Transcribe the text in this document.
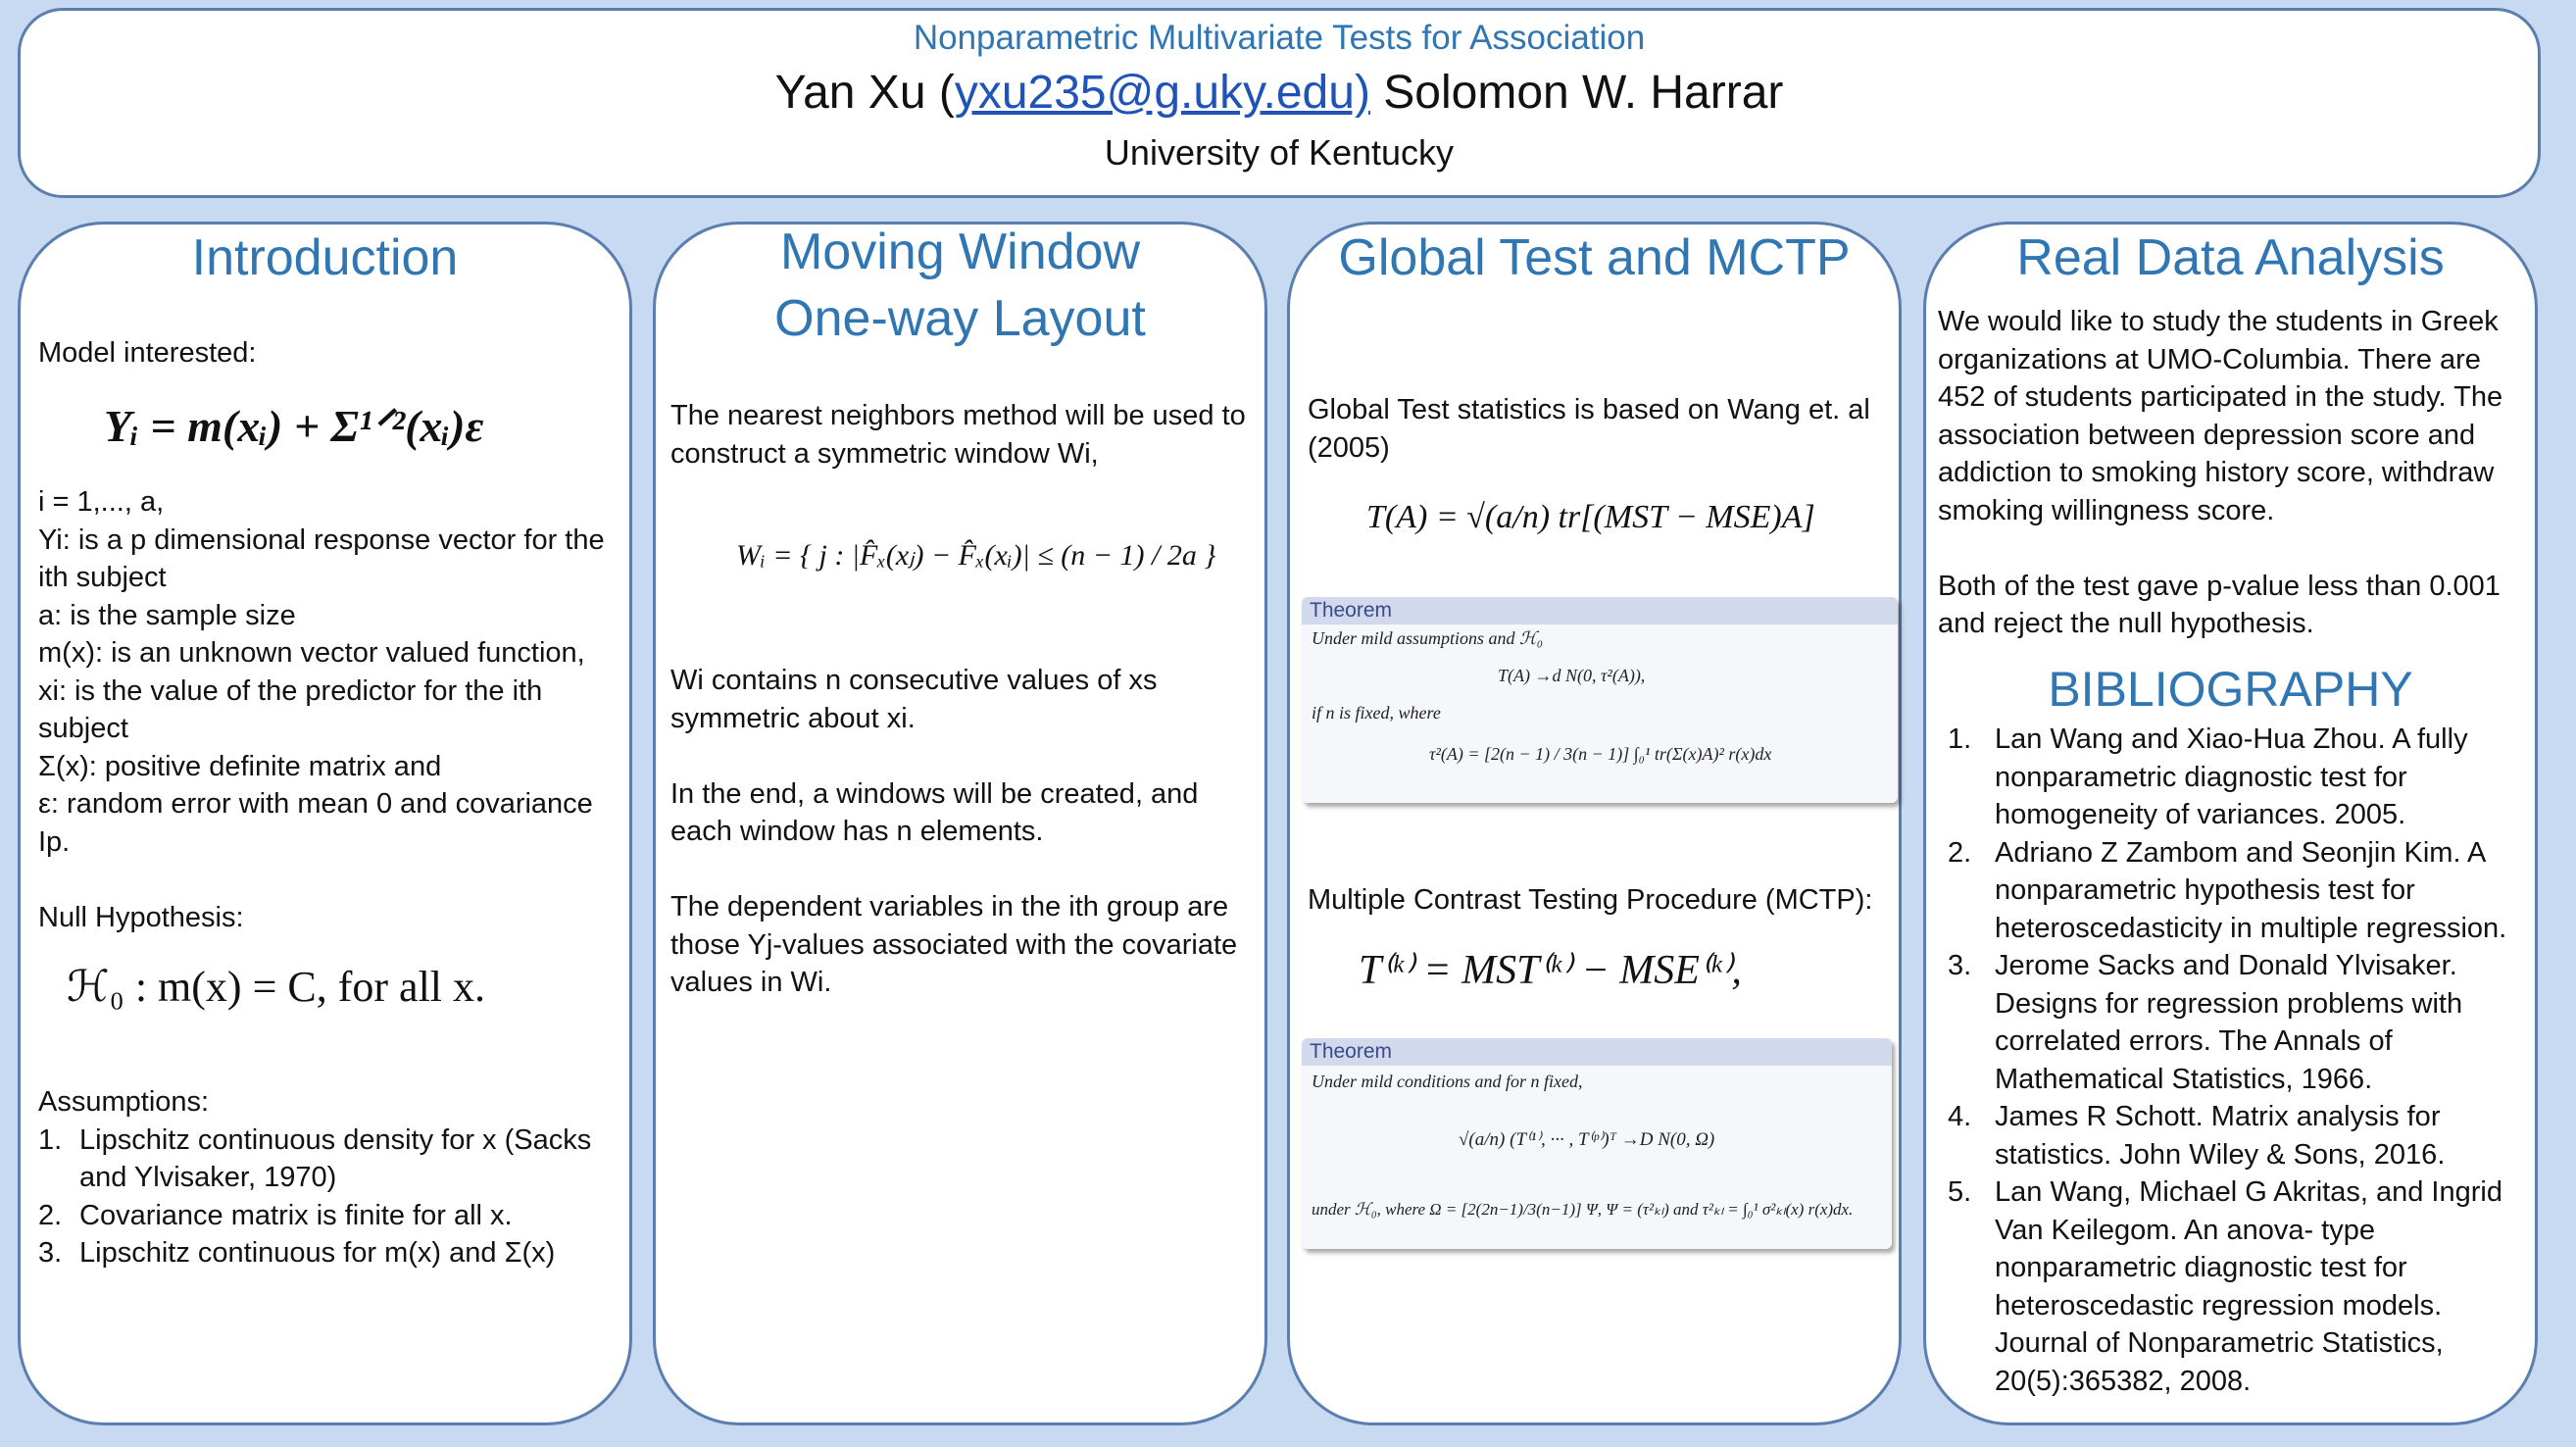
Nonparametric Multivariate Tests for Association
Yan Xu (yxu235@g.uky.edu) Solomon W. Harrar
University of Kentucky
Introduction
Model interested:
Yᵢ = m(xᵢ) + Σ¹ᐟ²(xᵢ)ε
i = 1,..., a,
Yi: is a p dimensional response vector for the
ith subject
a: is the sample size
m(x): is an unknown vector valued function,
xi: is the value of the predictor for the ith
subject
Σ(x): positive definite matrix and
ε: random error with mean 0 and covariance
Ip.
Null Hypothesis:
ℋ₀ : m(x) = C, for all x.
Assumptions:
1. Lipschitz continuous density for x (Sacks and Ylvisaker, 1970)
2. Covariance matrix is finite for all x.
3. Lipschitz continuous for m(x) and Σ(x)
Moving Window
One-way Layout
The nearest neighbors method will be used to
construct a symmetric window Wi,
Wᵢ = { j : |F̂ₓ(xⱼ) − F̂ₓ(xᵢ)| ≤ (n − 1) / 2a }
Wi contains n consecutive values of xs
symmetric about xi.
In the end, a windows will be created, and
each window has n elements.
The dependent variables in the ith group are
those Yj-values associated with the covariate
values in Wi.
Global Test and MCTP
Global Test statistics is based on Wang et. al
(2005)
T(A) = √(a/n) tr[(MST − MSE)A]
Theorem
Under mild assumptions and ℋ₀
T(A) →d N(0, τ²(A)),
if n is fixed, where
τ²(A) = [2(n − 1) / 3(n − 1)] ∫₀¹ tr(Σ(x)A)² r(x)dx
Multiple Contrast Testing Procedure (MCTP):
T⁽ᵏ⁾ = MST⁽ᵏ⁾ − MSE⁽ᵏ⁾,
Theorem
Under mild conditions and for n fixed,
√(a/n) (T⁽¹⁾, ··· , T⁽ᵖ⁾)ᵀ →D N(0, Ω)
under ℋ₀, where Ω = [2(2n−1)/3(n−1)] Ψ, Ψ = (τ²ₖₗ) and τ²ₖₗ = ∫₀¹ σ²ₖₗ(x) r(x)dx.
Real Data Analysis
We would like to study the students in Greek
organizations at UMO-Columbia. There are
452 of students participated in the study. The
association between depression score and
addiction to smoking history score, withdraw
smoking willingness score.
Both of the test gave p-value less than 0.001
and reject the null hypothesis.
BIBLIOGRAPHY
1. Lan Wang and Xiao-Hua Zhou. A fully
nonparametric diagnostic test for
homogeneity of variances. 2005.
2. Adriano Z Zambom and Seonjin Kim. A
nonparametric hypothesis test for
heteroscedasticity in multiple regression.
3. Jerome Sacks and Donald Ylvisaker.
Designs for regression problems with
correlated errors. The Annals of
Mathematical Statistics, 1966.
4. James R Schott. Matrix analysis for
statistics. John Wiley & Sons, 2016.
5. Lan Wang, Michael G Akritas, and Ingrid
Van Keilegom. An anova- type
nonparametric diagnostic test for
heteroscedastic regression models.
Journal of Nonparametric Statistics,
20(5):365382, 2008.
